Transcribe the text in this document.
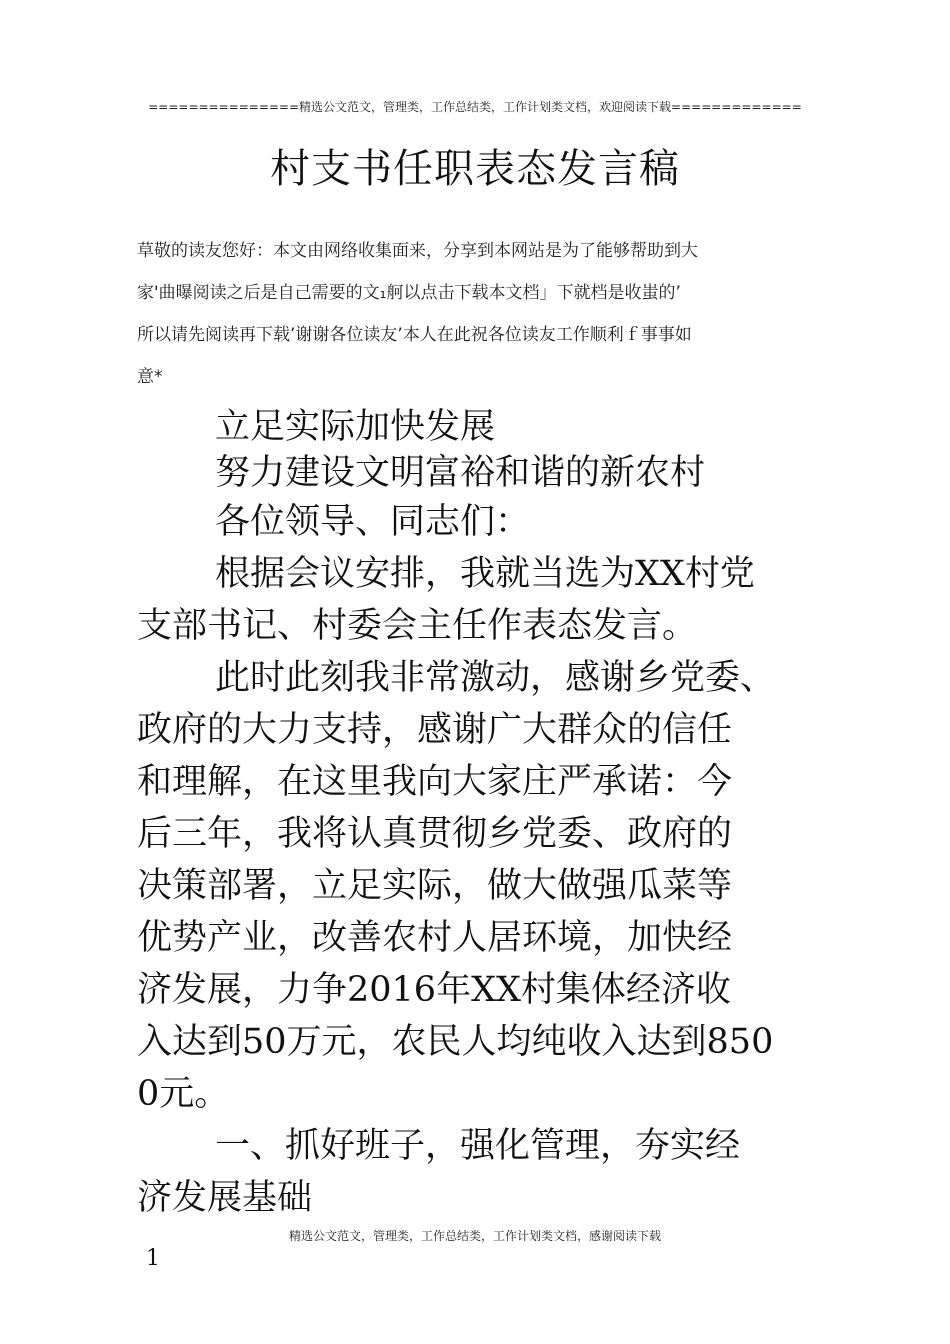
===============精选公文范文，管理类，工作总结类，工作计划类文档，欢迎阅读下载=============
村支书任职表态发言稿
草敬的读友您好：本文由网络收集面来，分享到本网站是为了能够帮助到大
家'曲曝阅读之后是自己需要的文₁舸以点击下载本文档」下就档是收蚩的’
所以请先阅读再下载’谢谢各位读友’本人在此祝各位读友工作顺利ｆ事事如
意*
立足实际加快发展
努力建设文明富裕和谐的新农村
各位领导、同志们：
根据会议安排，我就当选为XX村党
支部书记、村委会主任作表态发言。
此时此刻我非常激动，感谢乡党委、
政府的大力支持，感谢广大群众的信任
和理解，在这里我向大家庄严承诺：今
后三年，我将认真贯彻乡党委、政府的
决策部署，立足实际，做大做强瓜菜等
优势产业，改善农村人居环境，加快经
济发展，力争2016年XX村集体经济收
入达到50万元，农民人均纯收入达到850
0元。
一、抓好班子，强化管理，夯实经
济发展基础
精选公文范文，管理类，工作总结类，工作计划类文档，感谢阅读下载
1
